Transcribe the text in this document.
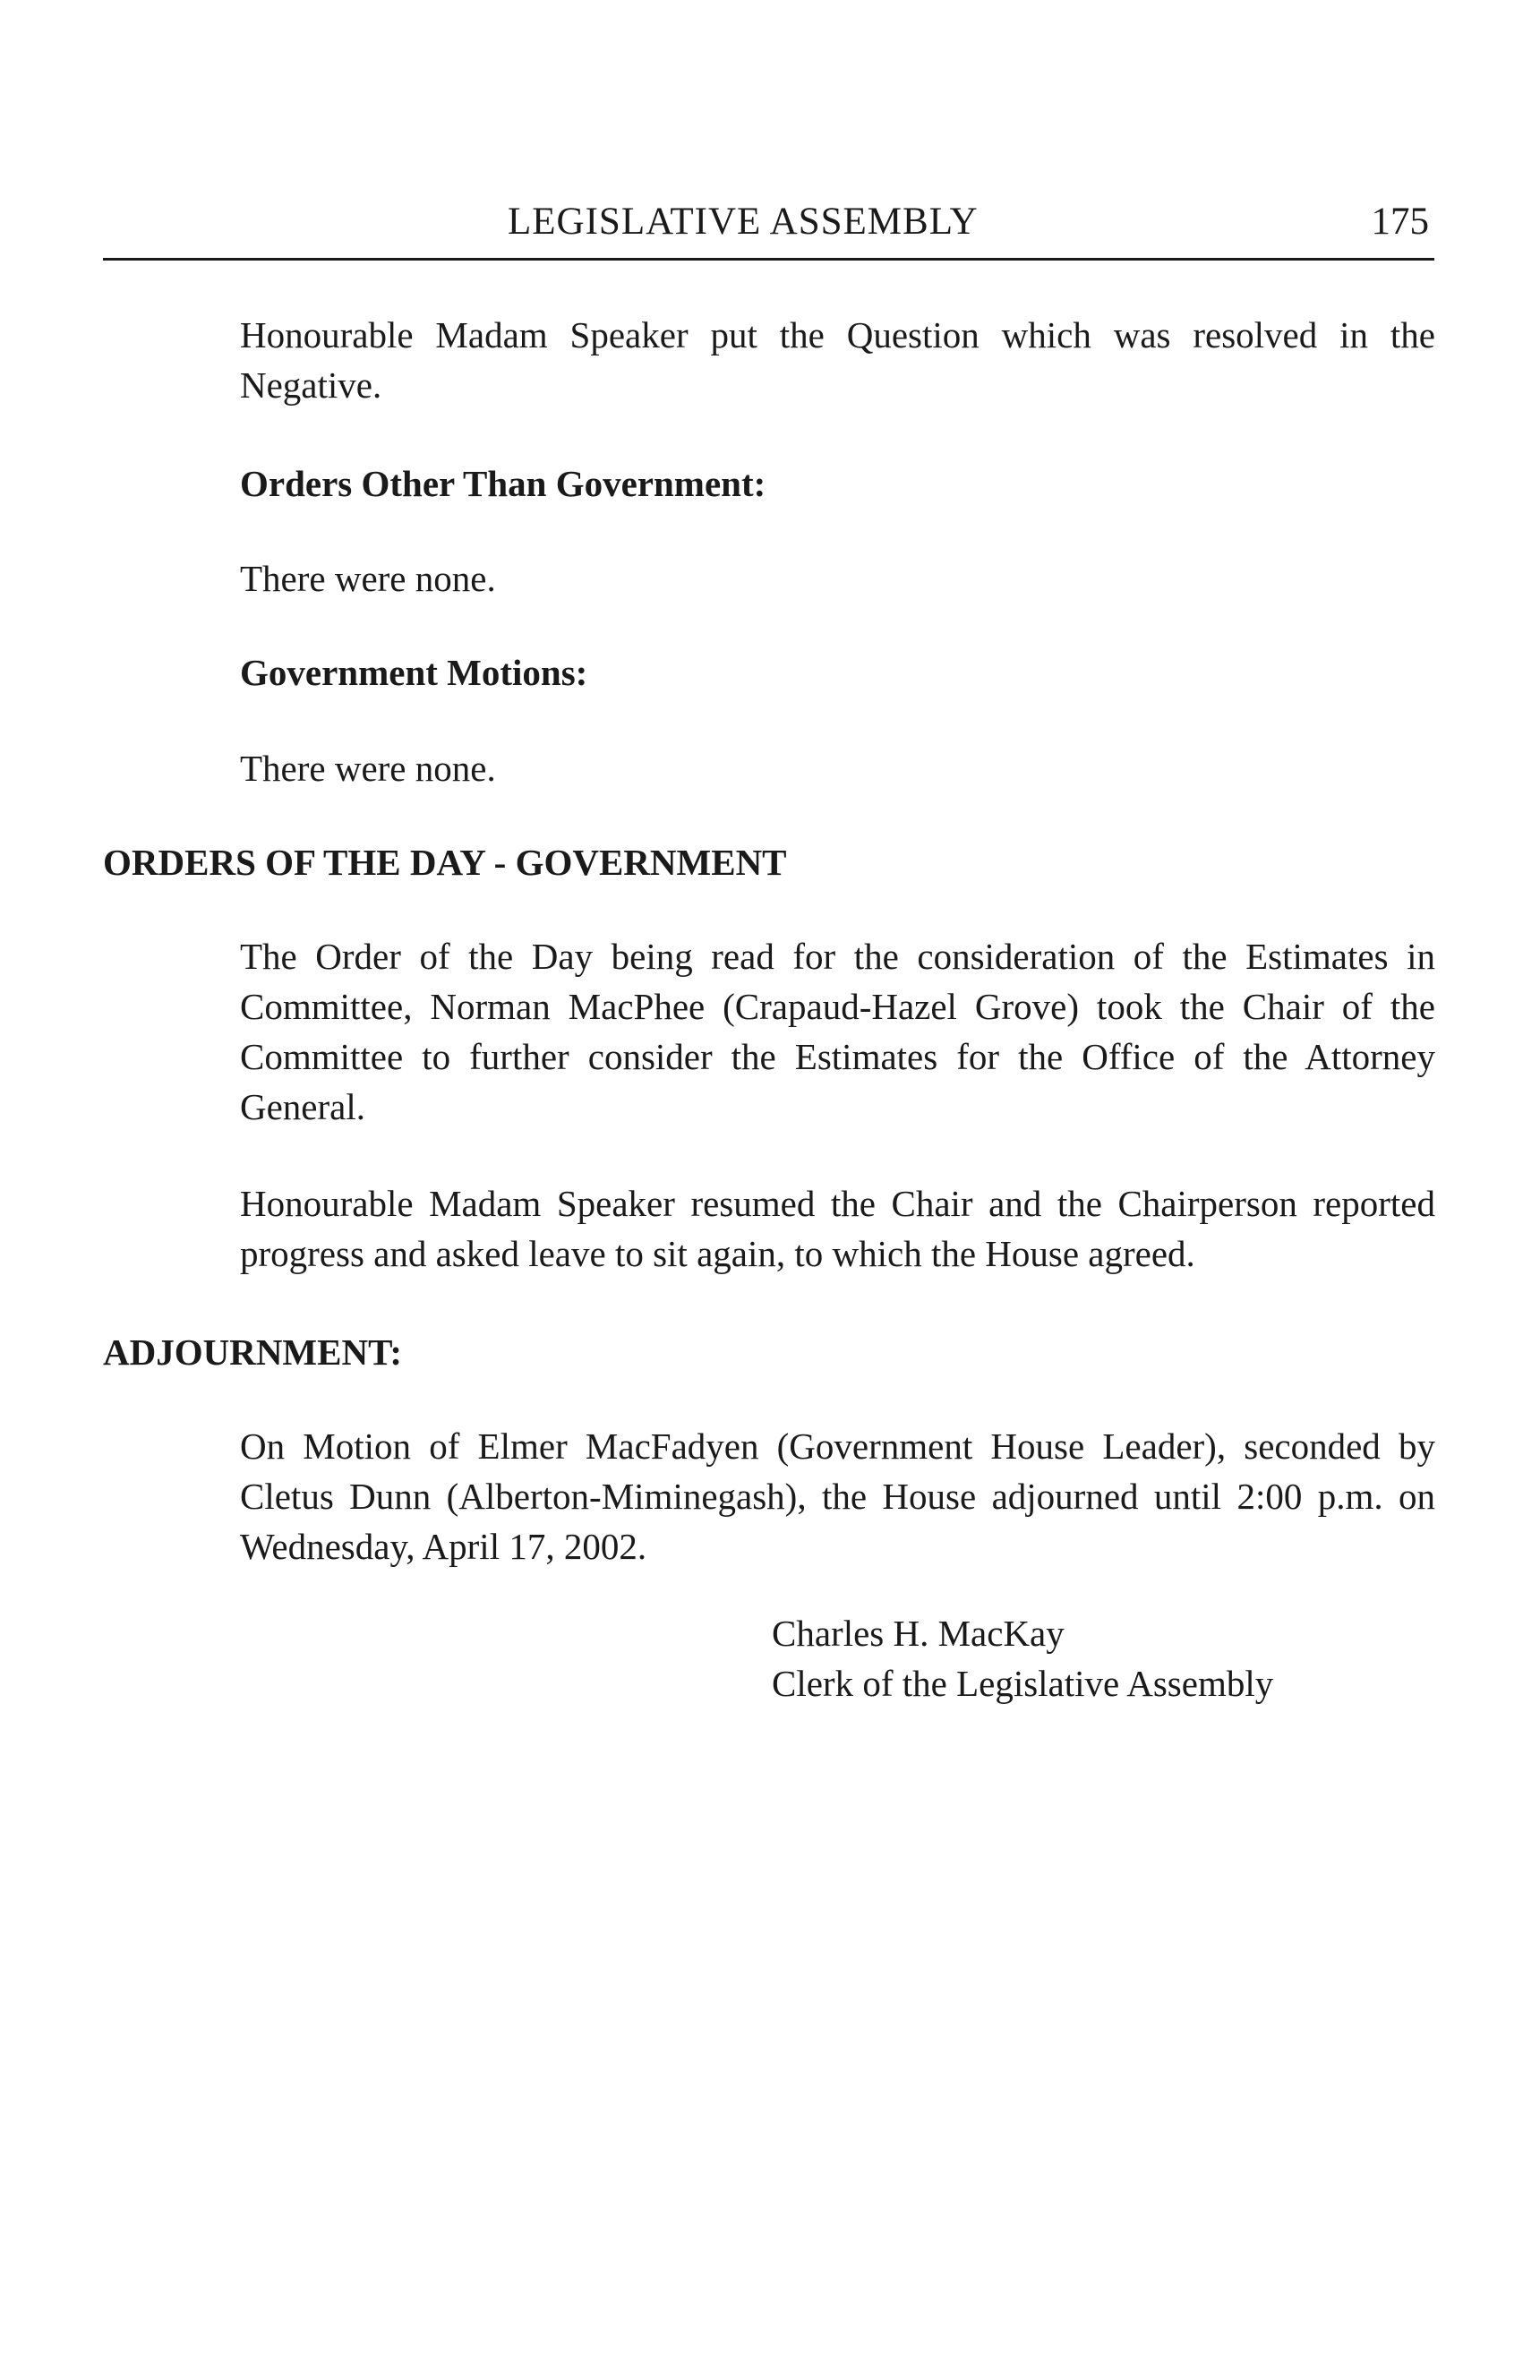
LEGISLATIVE ASSEMBLY	175
Honourable Madam Speaker put the Question which was resolved in the Negative.
Orders Other Than Government:
There were none.
Government Motions:
There were none.
ORDERS OF THE DAY - GOVERNMENT
The Order of the Day being read for the consideration of the Estimates in Committee, Norman MacPhee (Crapaud-Hazel Grove) took the Chair of the Committee to further consider the Estimates for the Office of the Attorney General.
Honourable Madam Speaker resumed the Chair and the Chairperson reported progress and asked leave to sit again, to which the House agreed.
ADJOURNMENT:
On Motion of Elmer MacFadyen (Government House Leader), seconded by Cletus Dunn (Alberton-Miminegash), the House adjourned until 2:00 p.m. on Wednesday, April 17, 2002.
Charles H. MacKay
Clerk of the Legislative Assembly
